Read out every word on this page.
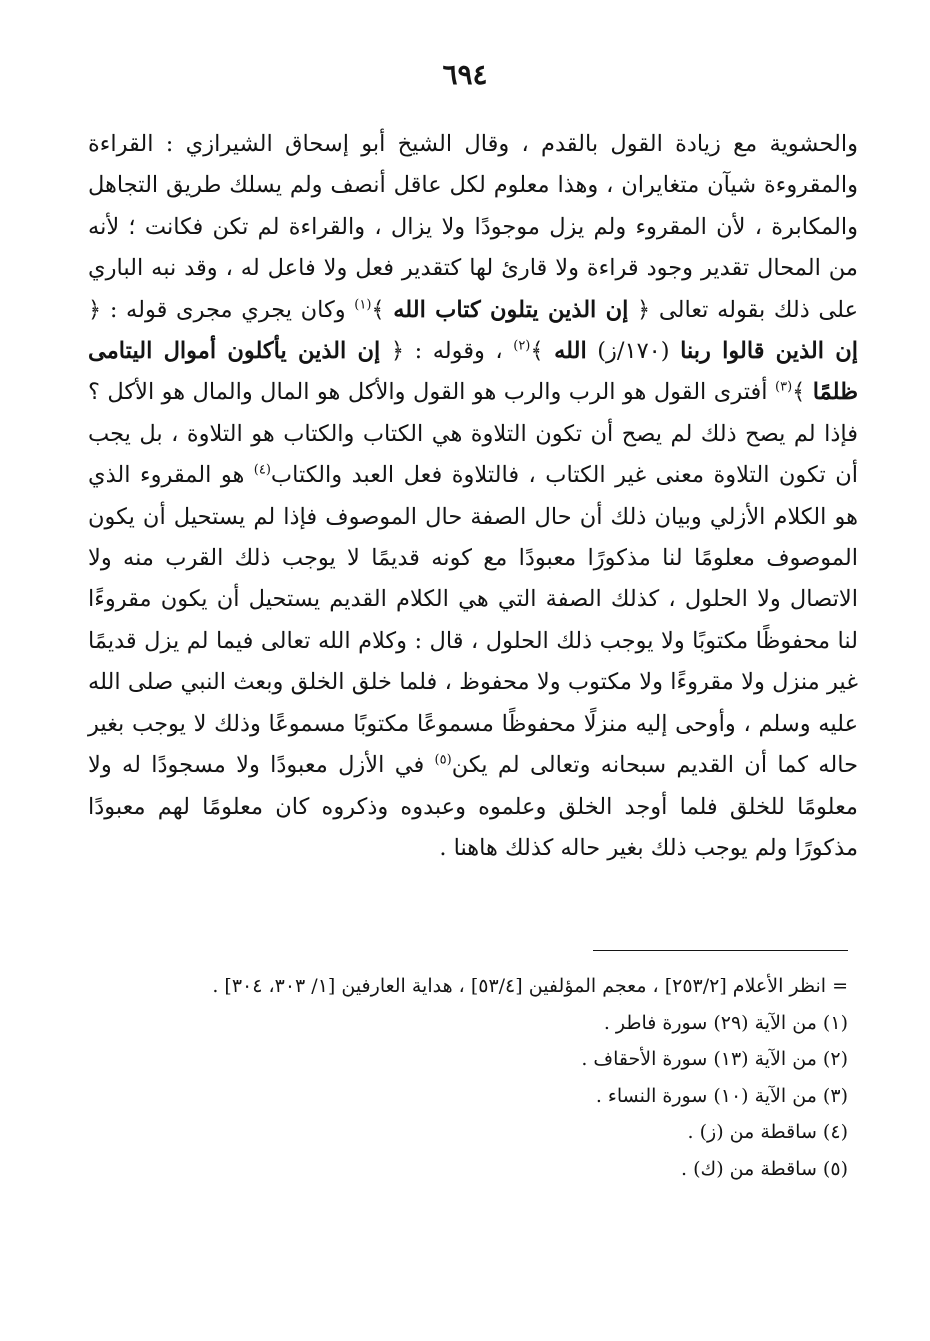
٦٩٤

والحشوية مع زيادة القول بالقدم ، وقال الشيخ أبو إسحاق الشيرازي : القراءة والمقروءة شيآن متغايران ، وهذا معلوم لكل عاقل أنصف ولم يسلك طريق التجاهل والمكابرة ، لأن المقروء ولم يزل موجودًا ولا يزال ، والقراءة لم تكن فكانت ؛ لأنه من المحال تقدير وجود قراءة ولا قارئ لها كتقدير فعل ولا فاعل له ، وقد نبه الباري على ذلك بقوله تعالى ﴿ إن الذين يتلون كتاب الله ﴾$^{(١)}$ وكان يجري مجرى قوله : ﴿ إن الذين قالوا ربنا (١٧٠/ز) الله ﴾$^{(٢)}$ ، وقوله : ﴿ إن الذين يأكلون أموال اليتامى ظلمًا ﴾$^{(٣)}$ أفترى القول هو الرب والرب هو القول والأكل هو المال والمال هو الأكل ؟ فإذا لم يصح ذلك لم يصح أن تكون التلاوة هي الكتاب والكتاب هو التلاوة ، بل يجب أن تكون التلاوة معنى غير الكتاب ، فالتلاوة فعل العبد والكتاب$^{(٤)}$ هو المقروء الذي هو الكلام الأزلي وبيان ذلك أن حال الصفة حال الموصوف فإذا لم يستحيل أن يكون الموصوف معلومًا لنا مذكورًا معبودًا مع كونه قديمًا لا يوجب ذلك القرب منه ولا الاتصال ولا الحلول ، كذلك الصفة التي هي الكلام القديم يستحيل أن يكون مقروءًا لنا محفوظًا مكتوبًا ولا يوجب ذلك الحلول ، قال : وكلام الله تعالى فيما لم يزل قديمًا غير منزل ولا مقروءًا ولا مكتوب ولا محفوظ ، فلما خلق الخلق وبعث النبي صلى الله عليه وسلم ، وأوحى إليه منزلًا محفوظًا مسموعًا مكتوبًا مسموعًا وذلك لا يوجب بغير حاله كما أن القديم سبحانه وتعالى لم يكن$^{(٥)}$ في الأزل معبودًا ولا مسجودًا له ولا معلومًا للخلق فلما أوجد الخلق وعلموه وعبدوه وذكروه كان معلومًا لهم معبودًا مذكورًا ولم يوجب ذلك بغير حاله كذلك هاهنا .

= انظر الأعلام [٢٥٣/٢] ، معجم المؤلفين [٥٣/٤] ، هداية العارفين [١/ ٣٠٣، ٣٠٤] .
(١) من الآية (٢٩) سورة فاطر .
(٢) من الآية (١٣) سورة الأحقاف .
(٣) من الآية (١٠) سورة النساء .
(٤) ساقطة من (ز) .
(٥) ساقطة من (ك) .
